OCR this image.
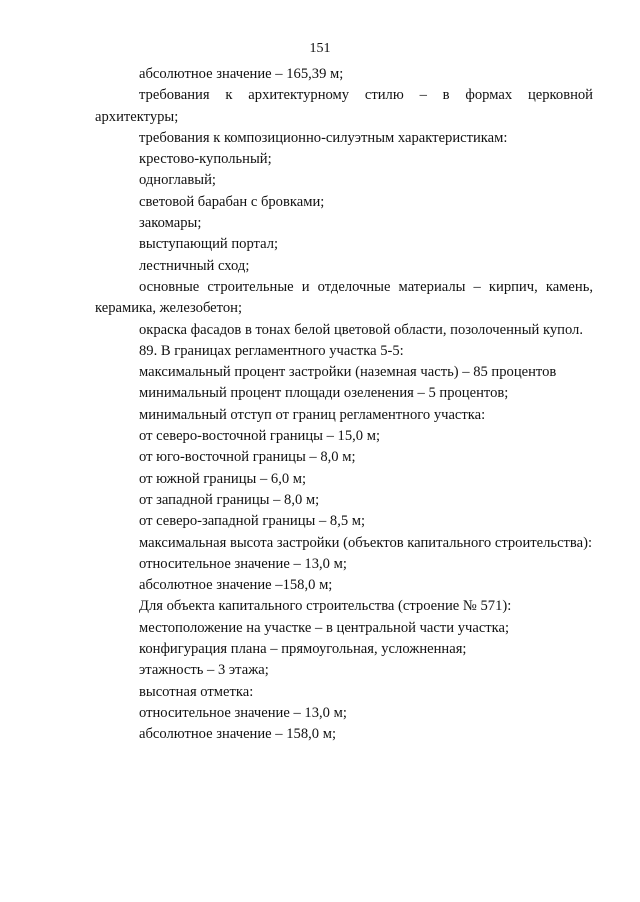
151

абсолютное значение – 165,39 м;

требования к архитектурному стилю – в формах церковной архитектуры;

требования к композиционно-силуэтным характеристикам:

крестово-купольный;

одноглавый;

световой барабан с бровками;

закомары;

выступающий портал;

лестничный сход;

основные строительные и отделочные материалы – кирпич, камень, керамика, железобетон;

окраска фасадов в тонах белой цветовой области, позолоченный купол.

89. В границах регламентного участка 5-5:

максимальный процент застройки (наземная часть) – 85 процентов

минимальный процент площади озеленения – 5 процентов;

минимальный отступ от границ регламентного участка:

от северо-восточной границы – 15,0 м;

от юго-восточной границы – 8,0 м;

от южной границы – 6,0 м;

от западной границы – 8,0 м;

от северо-западной границы – 8,5 м;

максимальная высота застройки (объектов капитального строительства):

относительное значение – 13,0 м;

абсолютное значение –158,0 м;

Для объекта капитального строительства (строение № 571):

местоположение на участке – в центральной части участка;

конфигурация плана – прямоугольная, усложненная;

этажность – 3 этажа;

высотная отметка:

относительное значение – 13,0 м;

абсолютное значение – 158,0 м;
